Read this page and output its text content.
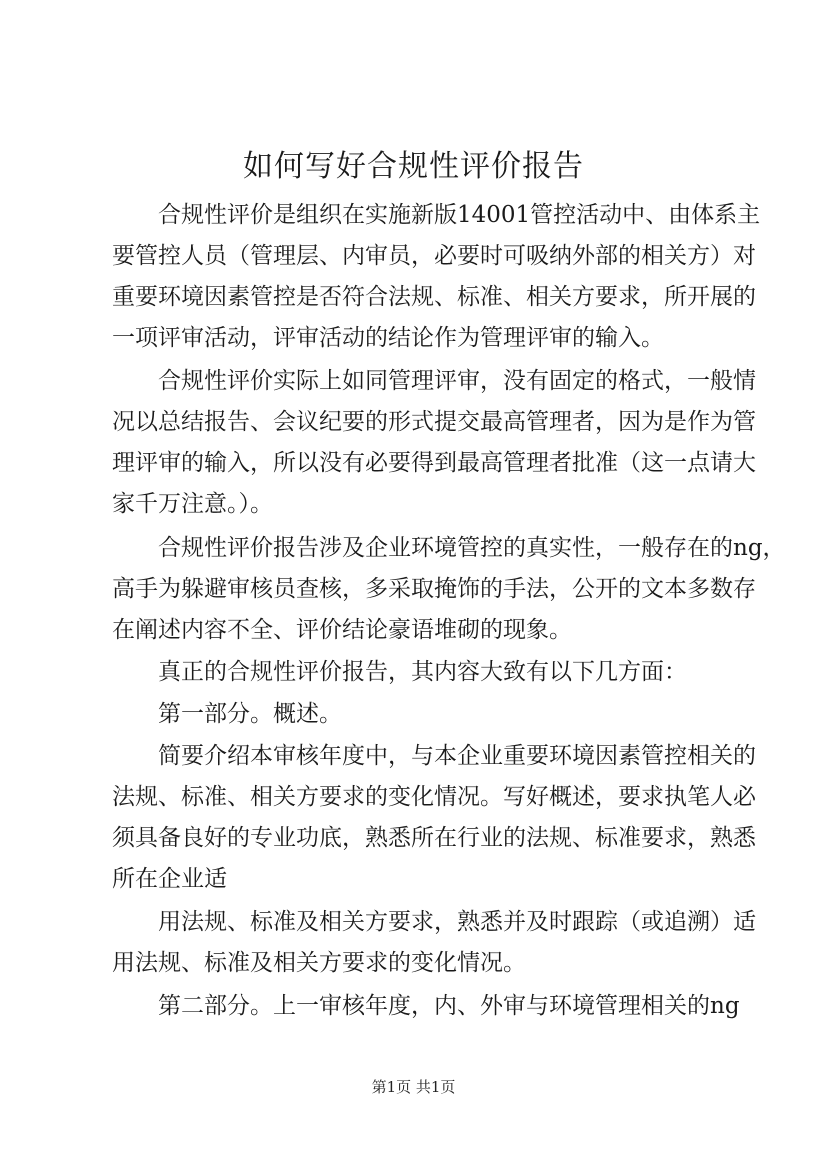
如何写好合规性评价报告

合规性评价是组织在实施新版14001管控活动中、由体系主

要管控人员（管理层、内审员，必要时可吸纳外部的相关方）对

重要环境因素管控是否符合法规、标准、相关方要求，所开展的

一项评审活动，评审活动的结论作为管理评审的输入。

合规性评价实际上如同管理评审，没有固定的格式，一般情

况以总结报告、会议纪要的形式提交最高管理者，因为是作为管

理评审的输入，所以没有必要得到最高管理者批准（这一点请大

家千万注意。）。

合规性评价报告涉及企业环境管控的真实性，一般存在的ng，

高手为躲避审核员查核，多采取掩饰的手法，公开的文本多数存

在阐述内容不全、评价结论豪语堆砌的现象。

真正的合规性评价报告，其内容大致有以下几方面：

第一部分。概述。

简要介绍本审核年度中，与本企业重要环境因素管控相关的

法规、标准、相关方要求的变化情况。写好概述，要求执笔人必

须具备良好的专业功底，熟悉所在行业的法规、标准要求，熟悉

所在企业适

用法规、标准及相关方要求，熟悉并及时跟踪（或追溯）适

用法规、标准及相关方要求的变化情况。

第二部分。上一审核年度，内、外审与环境管理相关的ng

第1页 共1页
